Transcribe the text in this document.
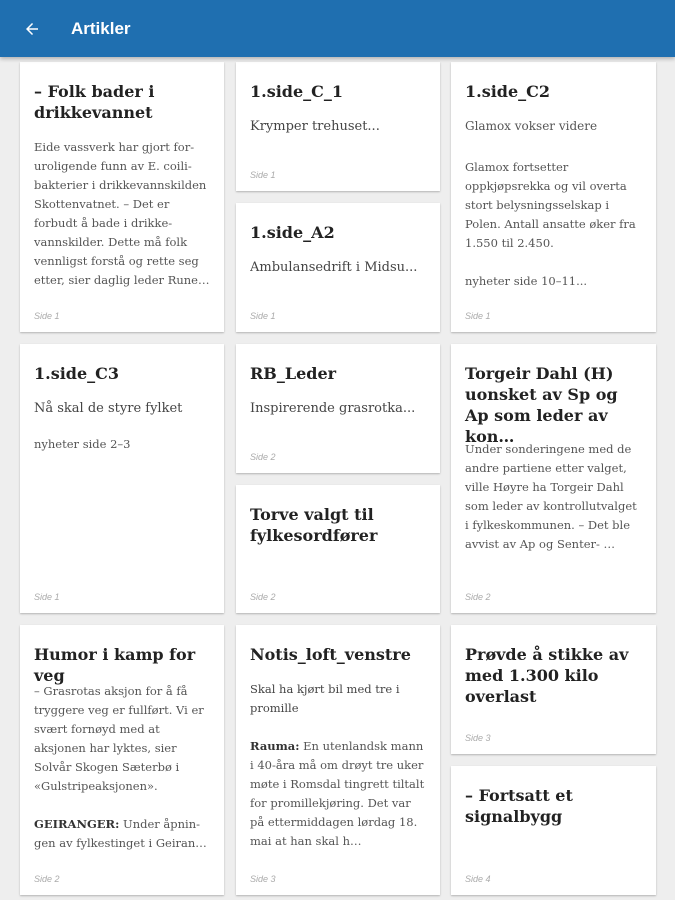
Artikler
– Folk bader i drikkevannet

Eide vassverk har gjort foruroligende funn av E. coili-bakterier i drikkevannskilden Skottenvatnet. – Det er forbudt å bade i drikkevannskilder. Dette må folk vennligst forstå og rette seg etter, sier daglig leder Rune…

Side 1
1.side_C3
Nå skal de styre fylket

nyheter side 2–3

Side 1
Humor i kamp for veg

– Grasrotas aksjon for å få tryggere veg er fullført. Vi er svært fornøyd med at aksjonen har lyktes, sier Solvår Skogen Sæterbø i «Gulstripeaksjonen».

GEIRANGER: Under åpningen av fylkestinget i Geiran…

Side 2
1.side_C_1
Krymper trehuset...
Side 1
1.side_A2
Ambulansedrift i Midsu...
Side 1
RB_Leder
Inspirerende grasrotka...
Side 2
Torve valgt til fylkesordfører
Side 2
Notis_loft_venstre
Skal ha kjørt bil med tre i promille

Rauma: En utenlandsk mann i 40-åra må om drøyt tre uker møte i Romsdal tingrett tiltalt for promillekjøring. Det var på ettermiddagen lørdag 18. mai at han skal h…

Side 3
1.side_C2
Glamox vokser videre

Glamox fortsetter oppkjøpsrekka og vil overta stort belysningsselskap i Polen. Antall ansatte øker fra 1.550 til 2.450.

nyheter side 10–11...

Side 1
Torgeir Dahl (H) uonsket av Sp og Ap som leder av kon…

Under sonderingene med de andre partiene etter valget, ville Høyre ha Torgeir Dahl som leder av kontrollutvalget i fylkeskommunen. – Det ble avvist av Ap og Senter- …

Side 2
Prøvde å stikke av med 1.300 kilo overlast
Side 3
– Fortsatt et signalbygg
Side 4
